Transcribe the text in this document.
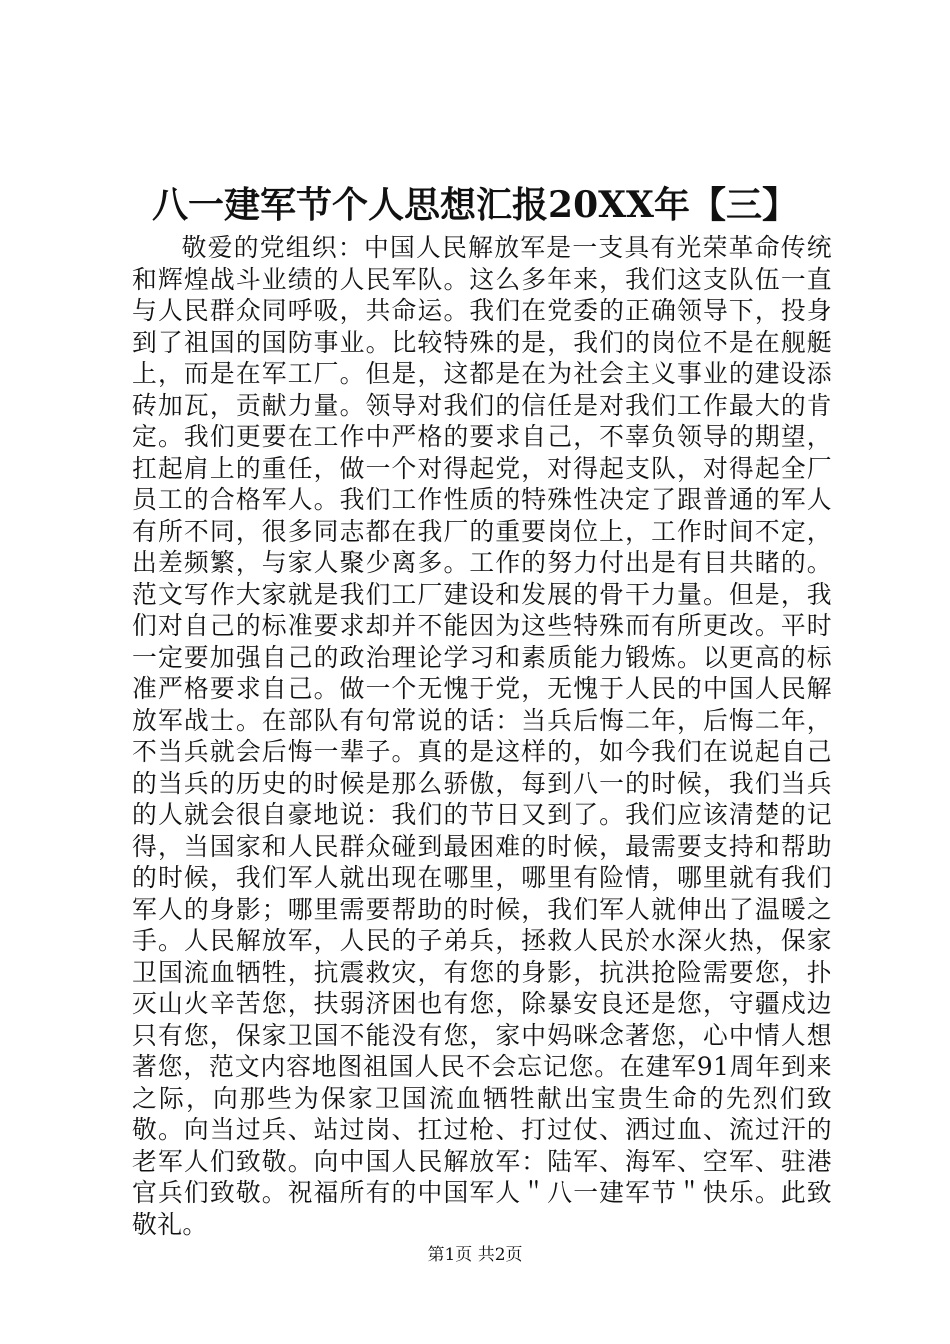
八一建军节个人思想汇报20XX年【三】

敬爱的党组织：中国人民解放军是一支具有光荣革命传统和辉煌战斗业绩的人民军队。这么多年来，我们这支队伍一直与人民群众同呼吸，共命运。我们在党委的正确领导下，投身到了祖国的国防事业。比较特殊的是，我们的岗位不是在舰艇上，而是在军工厂。但是，这都是在为社会主义事业的建设添砖加瓦，贡献力量。领导对我们的信任是对我们工作最大的肯定。我们更要在工作中严格的要求自己，不辜负领导的期望，扛起肩上的重任，做一个对得起党，对得起支队，对得起全厂员工的合格军人。我们工作性质的特殊性决定了跟普通的军人有所不同，很多同志都在我厂的重要岗位上，工作时间不定，出差频繁，与家人聚少离多。工作的努力付出是有目共睹的。范文写作大家就是我们工厂建设和发展的骨干力量。但是，我们对自己的标准要求却并不能因为这些特殊而有所更改。平时一定要加强自己的政治理论学习和素质能力锻炼。以更高的标准严格要求自己。做一个无愧于党，无愧于人民的中国人民解放军战士。在部队有句常说的话：当兵后悔二年，后悔二年，不当兵就会后悔一辈子。真的是这样的，如今我们在说起自己的当兵的历史的时候是那么骄傲，每到八一的时候，我们当兵的人就会很自豪地说：我们的节日又到了。我们应该清楚的记得，当国家和人民群众碰到最困难的时候，最需要支持和帮助的时候，我们军人就出现在哪里，哪里有险情，哪里就有我们军人的身影；哪里需要帮助的时候，我们军人就伸出了温暖之手。人民解放军，人民的子弟兵，拯救人民於水深火热，保家卫国流血牺牲，抗震救灾，有您的身影，抗洪抢险需要您，扑灭山火辛苦您，扶弱济困也有您，除暴安良还是您，守疆戍边只有您，保家卫国不能没有您，家中妈咪念著您，心中情人想著您，范文内容地图祖国人民不会忘记您。在建军91周年到来之际，向那些为保家卫国流血牺牲献出宝贵生命的先烈们致敬。向当过兵、站过岗、扛过枪、打过仗、洒过血、流过汗的老军人们致敬。向中国人民解放军：陆军、海军、空军、驻港官兵们致敬。祝福所有的中国军人＂八一建军节＂快乐。此致敬礼。

第1页 共2页
